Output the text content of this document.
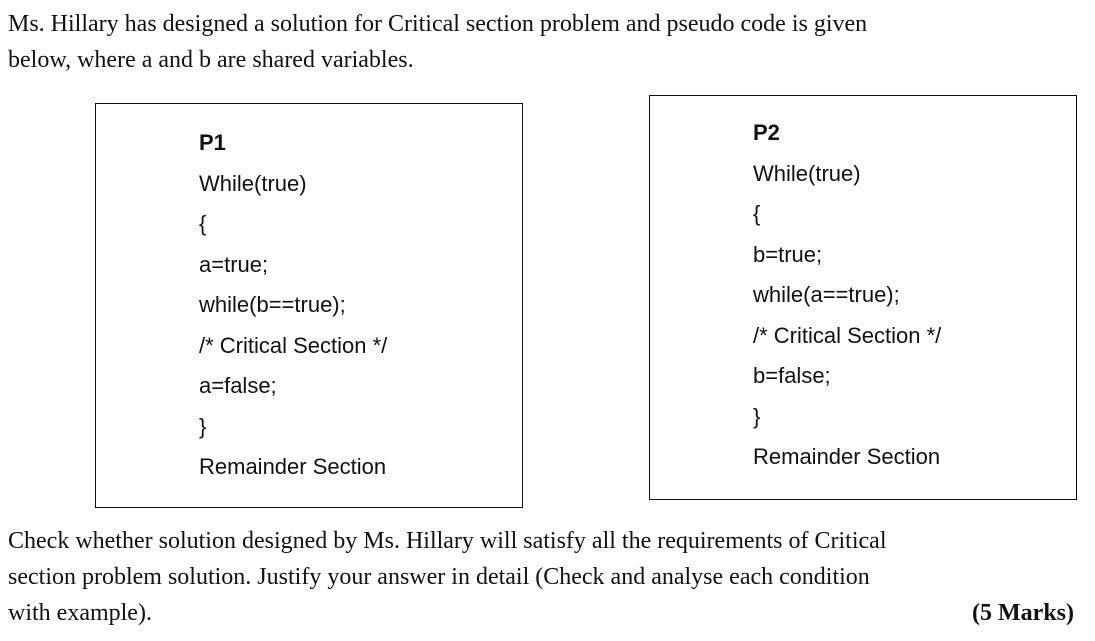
Ms. Hillary has designed a solution for Critical section problem and pseudo code is given
below, where a and b are shared variables.
P1
While(true)
{
a=true;
while(b==true);
/* Critical Section */
a=false;
}
Remainder Section
P2
While(true)
{
b=true;
while(a==true);
/* Critical Section */
b=false;
}
Remainder Section
Check whether solution designed by Ms. Hillary will satisfy all the requirements of Critical
section problem solution. Justify your answer in detail (Check and analyse each condition
with example).	(5 Marks)
